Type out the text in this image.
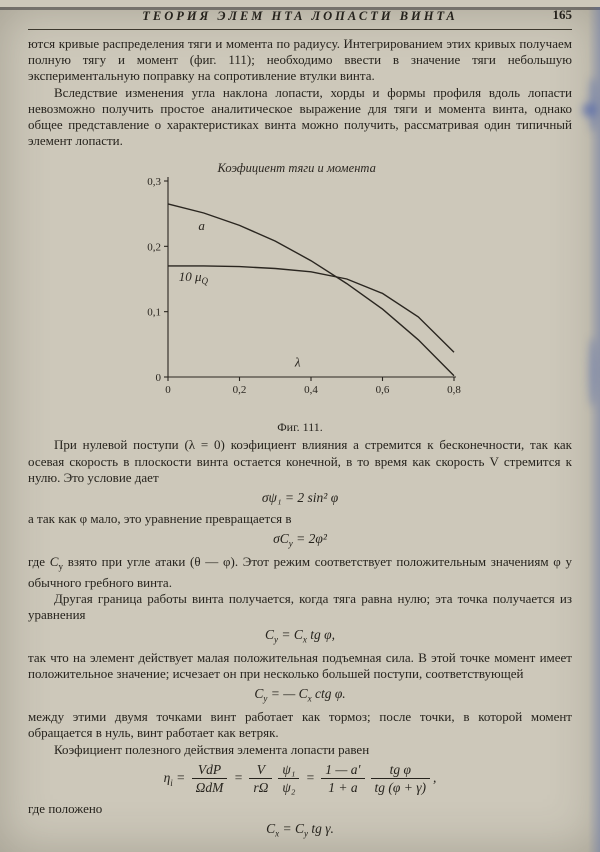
ТЕОРИЯ ЭЛЕМ НТА ЛОПАСТИ ВИНТА	165

ются кривые распределения тяги и момента по радиусу. Интегрированием этих кривых получаем полную тягу и момент (фиг. 111); необходимо ввести в значение тяги небольшую экспериментальную поправку на сопротивление втулки винта.

Вследствие изменения угла наклона лопасти, хорды и формы профиля вдоль лопасти невозможно получить простое аналитическое выражение для тяги и момента винта, однако общее представление о характеристиках винта можно получить, рассматривая один типичный элемент лопасти.

0	0,2	0,4	0,6	0,8
0
0,1
0,2
0,3
Коэфициент тяги и момента
a
10 $\mu_Q$
λ
Фиг. 111.

При нулевой поступи (λ = 0) коэфициент влияния a стремится к бесконечности, так как осевая скорость в плоскости винта остается конечной, в то время как скорость V стремится к нулю. Это условие дает

σψ₁ = 2 sin² φ

а так как φ мало, это уравнение превращается в

$\sigma C_y = 2\varphi^2$

где $C_y$ взято при угле атаки (θ — φ). Этот режим соответствует положительным значениям φ у обычного гребного винта.

Другая граница работы винта получается, когда тяга равна нулю; эта точка получается из уравнения

$C_y = C_x$ tg φ,

так что на элемент действует малая положительная подъемная сила. В этой точке момент имеет положительное значение; исчезает он при несколько большей поступи, соответствующей

$C_y$ = — $C_x$ ctg φ.

между этими двумя точками винт работает как тормоз; после точки, в которой момент обращается в нуль, винт работает как ветряк.

Коэфициент полезного действия элемента лопасти равен

$\eta_i = \frac{\text{VdP}}{\text{ΩdM}} = \frac{V}{r\Omega} \frac{\text{ψ₁}}{\text{ψ₂}} = \frac{1 — a'}{1 + a} \frac{\text{tg φ}}{tg (\varphi + \gamma)}$ ,

где положено

$C_x = C_y$ tg γ.
